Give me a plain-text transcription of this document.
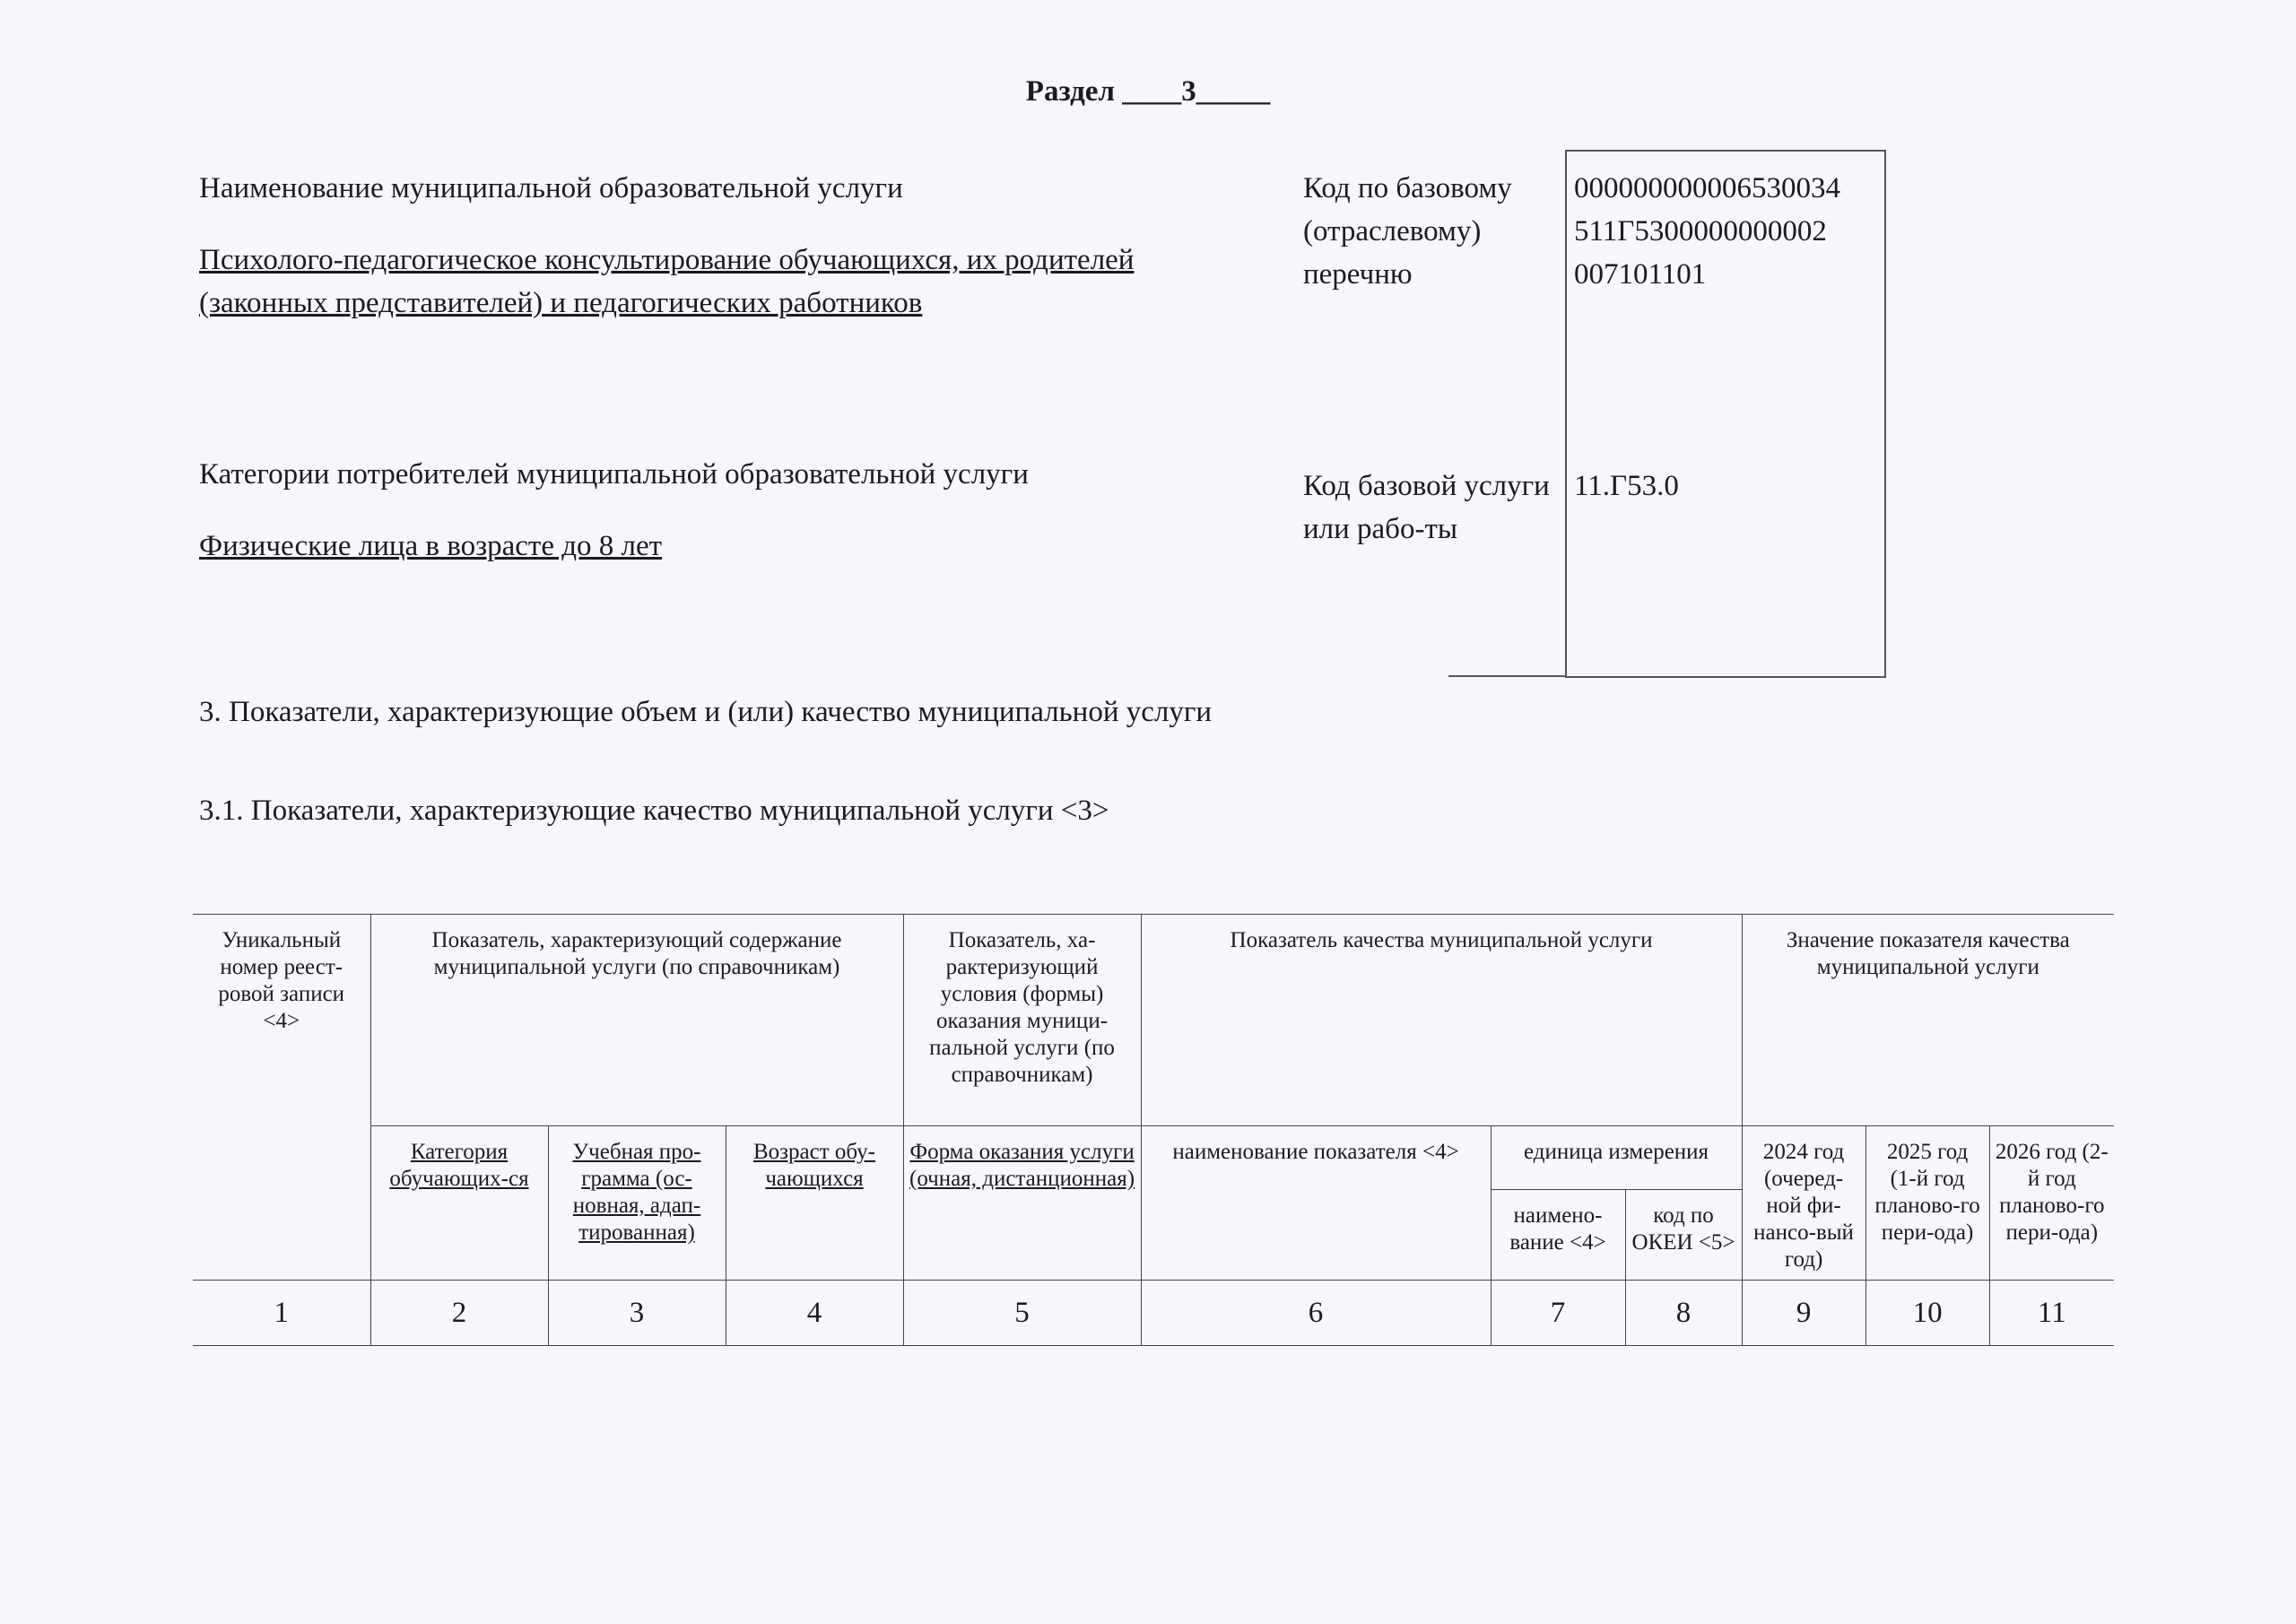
Раздел ____3_____
Наименование муниципальной образовательной услуги
Психолого-педагогическое консультирование обучающихся, их родителей
(законных представителей) и педагогических работников
Категории потребителей муниципальной образовательной услуги
Физические лица в возрасте до 8 лет
Код по базовому (отраслевому) перечню
000000000006530034
511Г5300000000002
007101101
Код базовой услуги или рабо-ты
11.Г53.0
3. Показатели, характеризующие объем и (или) качество муниципальной услуги
3.1. Показатели, характеризующие качество муниципальной услуги <3>
Уникальный номер реест-ровой записи <4>	Показатель, характеризующий содержание муниципальной услуги (по справочникам)			Показатель, ха-рактеризующий условия (формы) оказания муници-пальной услуги (по справочникам)	Показатель качества муниципальной услуги			Значение показателя качества муниципальной услуги		
	Категория обучающих-ся	Учебная про-грамма (ос-новная, адап-тированная)	Возраст обу-чающихся	Форма оказания услуги (очная, дистанционная)	наименование показателя <4>	единица измерения		2024 год (очеред-ной фи-нансо-вый год)	2025 год (1-й год планово-го пери-ода)	2026 год (2-й год планово-го пери-ода)
						наимено-вание <4>	код по ОКЕИ <5>			
1	2	3	4	5	6	7	8	9	10	11
